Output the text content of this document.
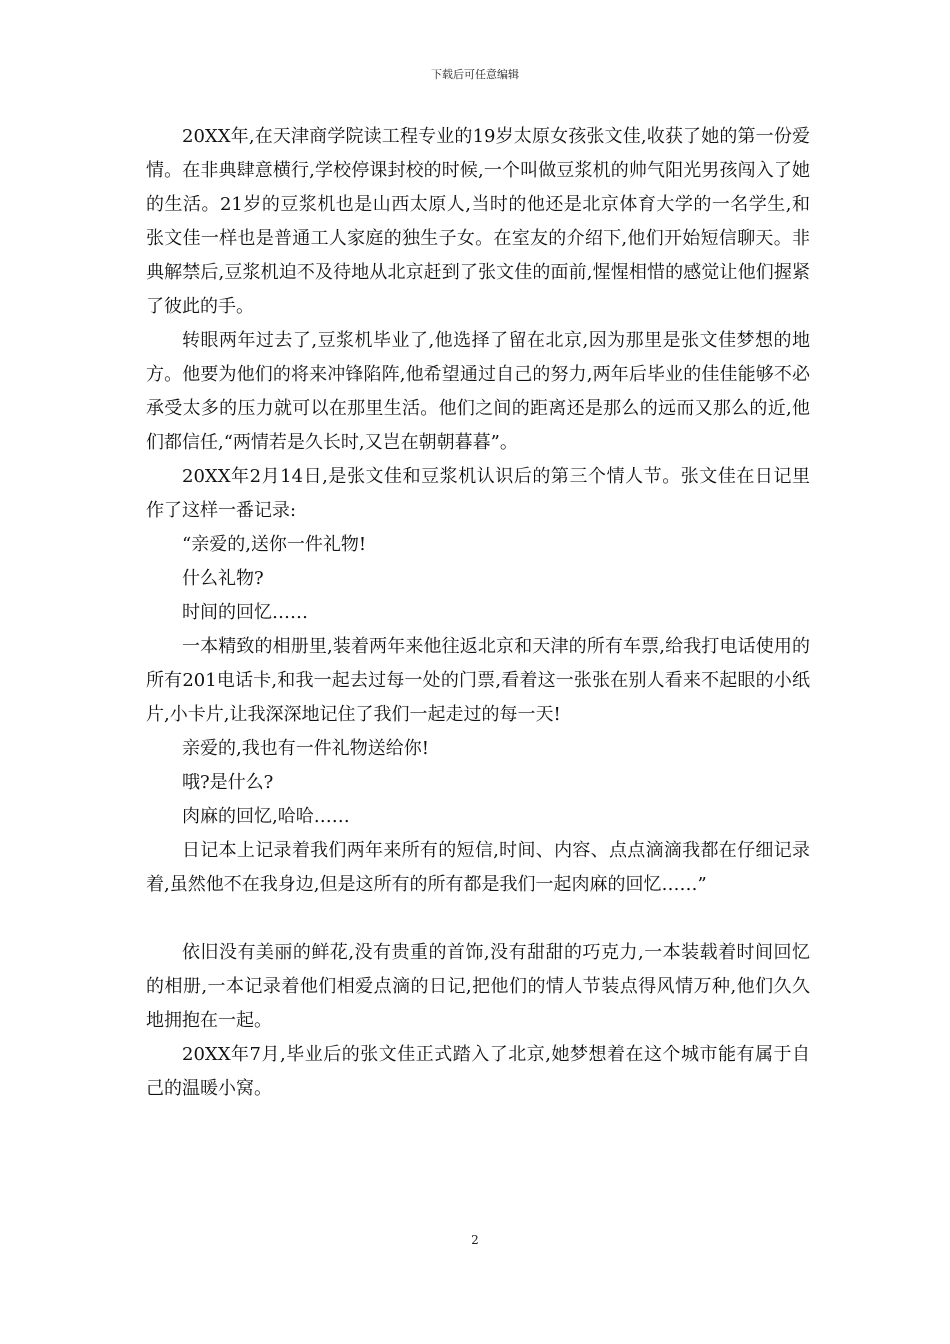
下载后可任意编辑

20XX年,在天津商学院读工程专业的19岁太原女孩张文佳,收获了她的第一份爱情。在非典肆意横行,学校停课封校的时候,一个叫做豆浆机的帅气阳光男孩闯入了她的生活。21岁的豆浆机也是山西太原人,当时的他还是北京体育大学的一名学生,和张文佳一样也是普通工人家庭的独生子女。在室友的介绍下,他们开始短信聊天。非典解禁后,豆浆机迫不及待地从北京赶到了张文佳的面前,惺惺相惜的感觉让他们握紧了彼此的手。

转眼两年过去了,豆浆机毕业了,他选择了留在北京,因为那里是张文佳梦想的地方。他要为他们的将来冲锋陷阵,他希望通过自己的努力,两年后毕业的佳佳能够不必承受太多的压力就可以在那里生活。他们之间的距离还是那么的远而又那么的近,他们都信任,“两情若是久长时,又岂在朝朝暮暮”。

20XX年2月14日,是张文佳和豆浆机认识后的第三个情人节。张文佳在日记里作了这样一番记录:

“亲爱的,送你一件礼物!

什么礼物?

时间的回忆……

一本精致的相册里,装着两年来他往返北京和天津的所有车票,给我打电话使用的所有201电话卡,和我一起去过每一处的门票,看着这一张张在别人看来不起眼的小纸片,小卡片,让我深深地记住了我们一起走过的每一天!

亲爱的,我也有一件礼物送给你!

哦?是什么?

肉麻的回忆,哈哈……

日记本上记录着我们两年来所有的短信,时间、内容、点点滴滴我都在仔细记录着,虽然他不在我身边,但是这所有的所有都是我们一起肉麻的回忆……”

依旧没有美丽的鲜花,没有贵重的首饰,没有甜甜的巧克力,一本装载着时间回忆的相册,一本记录着他们相爱点滴的日记,把他们的情人节装点得风情万种,他们久久地拥抱在一起。

20XX年7月,毕业后的张文佳正式踏入了北京,她梦想着在这个城市能有属于自己的温暖小窝。

2
